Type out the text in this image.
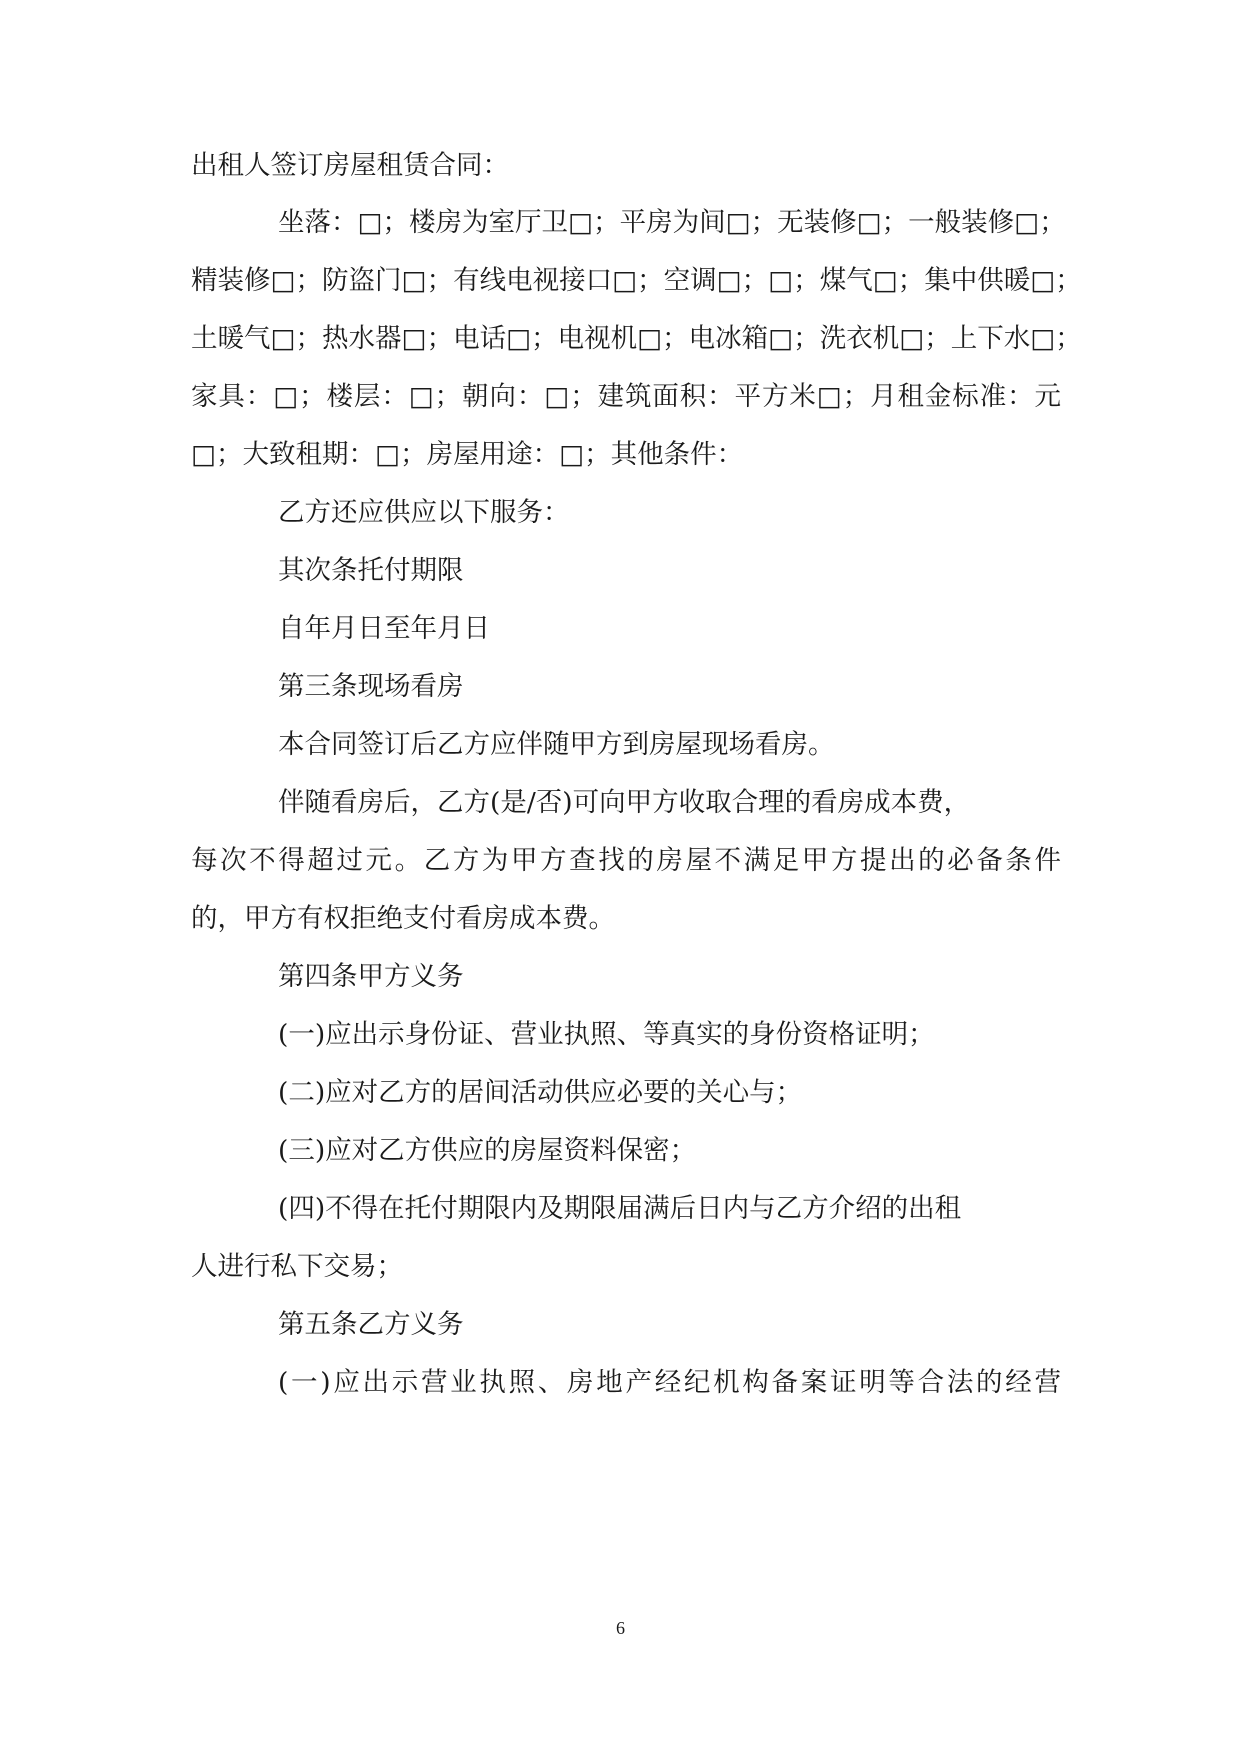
出租人签订房屋租赁合同：
坐落：□；楼房为室厅卫□；平房为间□；无装修□；一般装修□；
精装修□；防盗门□；有线电视接口□；空调□；□；煤气□；集中供暖□；
土暖气□；热水器□；电话□；电视机□；电冰箱□；洗衣机□；上下水□；
家具：□；楼层：□；朝向：□；建筑面积：平方米□；月租金标准：元
□；大致租期：□；房屋用途：□；其他条件：
乙方还应供应以下服务：
其次条托付期限
自年月日至年月日
第三条现场看房
本合同签订后乙方应伴随甲方到房屋现场看房。
伴随看房后，乙方(是/否)可向甲方收取合理的看房成本费，
每次不得超过元。乙方为甲方查找的房屋不满足甲方提出的必备条件
的，甲方有权拒绝支付看房成本费。
第四条甲方义务
(一)应出示身份证、营业执照、等真实的身份资格证明；
(二)应对乙方的居间活动供应必要的关心与；
(三)应对乙方供应的房屋资料保密；
(四)不得在托付期限内及期限届满后日内与乙方介绍的出租
人进行私下交易；
第五条乙方义务
(一)应出示营业执照、房地产经纪机构备案证明等合法的经营
6
